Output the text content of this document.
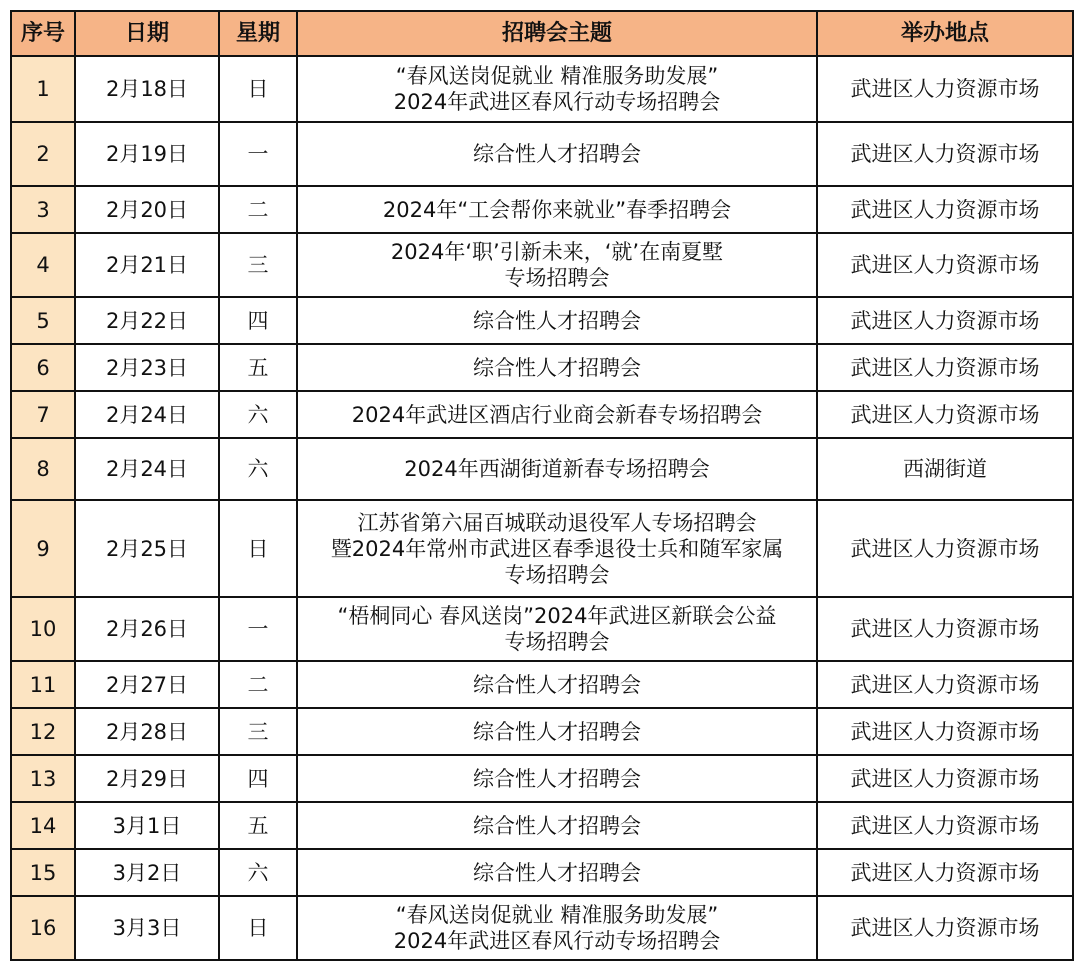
序号	日期	星期	招聘会主题	举办地点
1	2月18日	日	“春风送岗促就业 精准服务助发展”
2024年武进区春风行动专场招聘会	武进区人力资源市场
2	2月19日	一	综合性人才招聘会	武进区人力资源市场
3	2月20日	二	2024年“工会帮你来就业”春季招聘会	武进区人力资源市场
4	2月21日	三	2024年‘职’引新未来，‘就’在南夏墅
专场招聘会	武进区人力资源市场
5	2月22日	四	综合性人才招聘会	武进区人力资源市场
6	2月23日	五	综合性人才招聘会	武进区人力资源市场
7	2月24日	六	2024年武进区酒店行业商会新春专场招聘会	武进区人力资源市场
8	2月24日	六	2024年西湖街道新春专场招聘会	西湖街道
9	2月25日	日	江苏省第六届百城联动退役军人专场招聘会
暨2024年常州市武进区春季退役士兵和随军家属
专场招聘会	武进区人力资源市场
10	2月26日	一	“梧桐同心 春风送岗”2024年武进区新联会公益
专场招聘会	武进区人力资源市场
11	2月27日	二	综合性人才招聘会	武进区人力资源市场
12	2月28日	三	综合性人才招聘会	武进区人力资源市场
13	2月29日	四	综合性人才招聘会	武进区人力资源市场
14	3月1日	五	综合性人才招聘会	武进区人力资源市场
15	3月2日	六	综合性人才招聘会	武进区人力资源市场
16	3月3日	日	“春风送岗促就业 精准服务助发展”
2024年武进区春风行动专场招聘会	武进区人力资源市场
